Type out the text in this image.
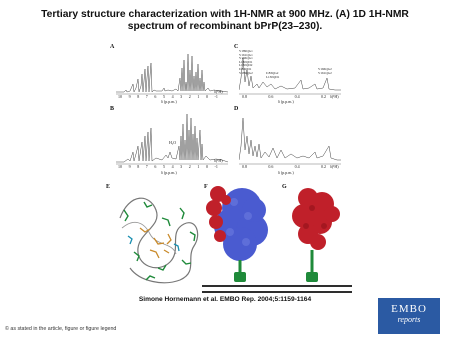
Tertiary structure characterization with 1H-NMR at 900 MHz. (A) 1D 1H-NMR spectrum of recombinant bPrP(23–230).
A	C
B	D
E	F	G
10 9 8 7 6 5 4 3 2 1 0 -1
δ (p.p.m.)
δ(¹H)
H₂O
10 9 8 7 6 5 4 3 2 1 0 -1
δ (p.p.m.)
δ(¹H)
V189QG1
V161QG1
V166QG1
L130QD1
L130QD2
I183QD1
V189QG2
V166QG2
V161QG2
I183QG2
L130QD1
0.8	0.6	0.4	0.2 δ(¹H)
δ (p.p.m.)
0.8	0.6	0.4	0.2 δ(¹H)
δ (p.p.m.)
Simone Hornemann et al. EMBO Rep. 2004;5:1159-1164
EMBO
reports
© as stated in the article, figure or figure legend
